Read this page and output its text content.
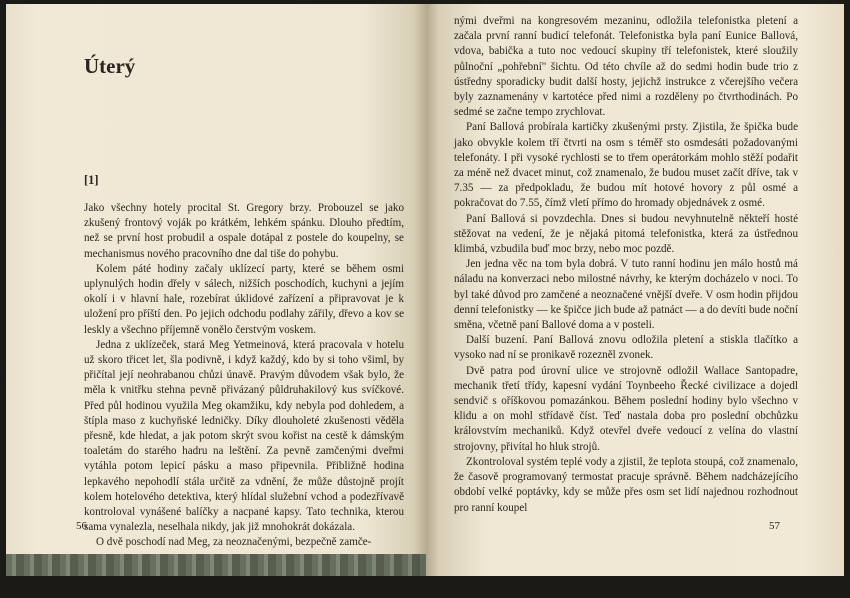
Úterý
[1]

Jako všechny hotely procital St. Gregory brzy. Probouzel se jako zkušený frontový voják po krátkém, lehkém spánku. Dlouho předtím, než se první host probudil a ospale dotápal z postele do koupelny, se mechanismus nového pracovního dne dal tiše do pohybu.

Kolem páté hodiny začaly uklízecí party, které se během osmi uplynulých hodin dřely v sálech, nižších poschodích, kuchyni a jejím okolí i v hlavní hale, rozebírat úklidové zařízení a připravovat je k uložení pro příští den. Po jejich odchodu podlahy zářily, dřevo a kov se leskly a všechno příjemně vonělo čerstvým voskem.

Jedna z uklízeček, stará Meg Yetmeinová, která pracovala v hotelu už skoro třicet let, šla podivně, i když každý, kdo by si toho všiml, by přičítal její neohrabanou chůzi únavě. Pravým důvodem však bylo, že měla k vnitřku stehna pevně přivázaný půldruhakilový kus svíčkové. Před půl hodinou využila Meg okamžiku, kdy nebyla pod dohledem, a štípla maso z kuchyňské ledničky. Díky dlouholeté zkušenosti věděla přesně, kde hledat, a jak potom skrýt svou kořist na cestě k dámským toaletám do starého hadru na leštění. Za pevně zamčenými dveřmi vytáhla potom lepicí pásku a maso připevnila. Přibližně hodina lepkavého nepohodlí stála určitě za vdnění, že může důstojně projít kolem hotelového detektiva, který hlídal služební vchod a podezřívavě kontroloval vynášené balíčky a nacpané kapsy. Tato technika, kterou sama vynalezla, neselhala nikdy, jak již mnohokrát dokázala.

O dvě poschodí nad Meg, za neoznačenými, bezpečně zamče-

56

nými dveřmi na kongresovém mezaninu, odložila telefonistka pletení a začala první ranní budicí telefonát. Telefonistka byla paní Eunice Ballová, vdova, babička a tuto noc vedoucí skupiny tří telefonistek, které sloužily půlnoční „pohřební" šichtu. Od této chvíle až do sedmi hodin bude trio z ústředny sporadicky budit další hosty, jejichž instrukce z včerejšího večera byly zaznamenány v kartotéce před nimi a rozděleny po čtvrthodinách. Po sedmé se začne tempo zrychlovat.

Paní Ballová probírala kartičky zkušenými prsty. Zjistila, že špička bude jako obvykle kolem tří čtvrti na osm s téměř sto osmdesáti požadovanými telefonáty. I při vysoké rychlosti se to třem operátorkám mohlo stěží podařit za méně než dvacet minut, což znamenalo, že budou muset začít dříve, tak v 7.35 — za předpokladu, že budou mít hotové hovory z půl osmé a pokračovat do 7.55, čímž vletí přímo do hromady objednávek z osmé.

Paní Ballová si povzdechla. Dnes si budou nevyhnutelně někteří hosté stěžovat na vedení, že je nějaká pitomá telefonistka, která za ústřednou klimbá, vzbudila buď moc brzy, nebo moc pozdě.

Jen jedna věc na tom byla dobrá. V tuto ranní hodinu jen málo hostů má náladu na konverzaci nebo milostné návrhy, ke kterým docházelo v noci. To byl také důvod pro zamčené a neoznačené vnější dveře. V osm hodin přijdou denní telefonistky — ke špičce jich bude až patnáct — a do devíti bude noční směna, včetně paní Ballové doma a v posteli.

Další buzení. Paní Ballová znovu odložila pletení a stiskla tlačítko a vysoko nad ní se pronikavě rozezněl zvonek.

Dvě patra pod úrovní ulice ve strojovně odložil Wallace Santopadre, mechanik třetí třídy, kapesní vydání Toynbeeho Řecké civilizace a dojedl sendvič s oříškovou pomazánkou. Během poslední hodiny bylo všechno v klidu a on mohl střídavě číst. Teď nastala doba pro poslední obchůzku královstvím mechaniků. Když otevřel dveře vedoucí z velína do vlastní strojovny, přivítal ho hluk strojů.

Zkontroloval systém teplé vody a zjistil, že teplota stoupá, což znamenalo, že časově programovaný termostat pracuje správně. Během nadcházejícího období velké poptávky, kdy se může přes osm set lidí najednou rozhodnout pro ranní koupel

57
